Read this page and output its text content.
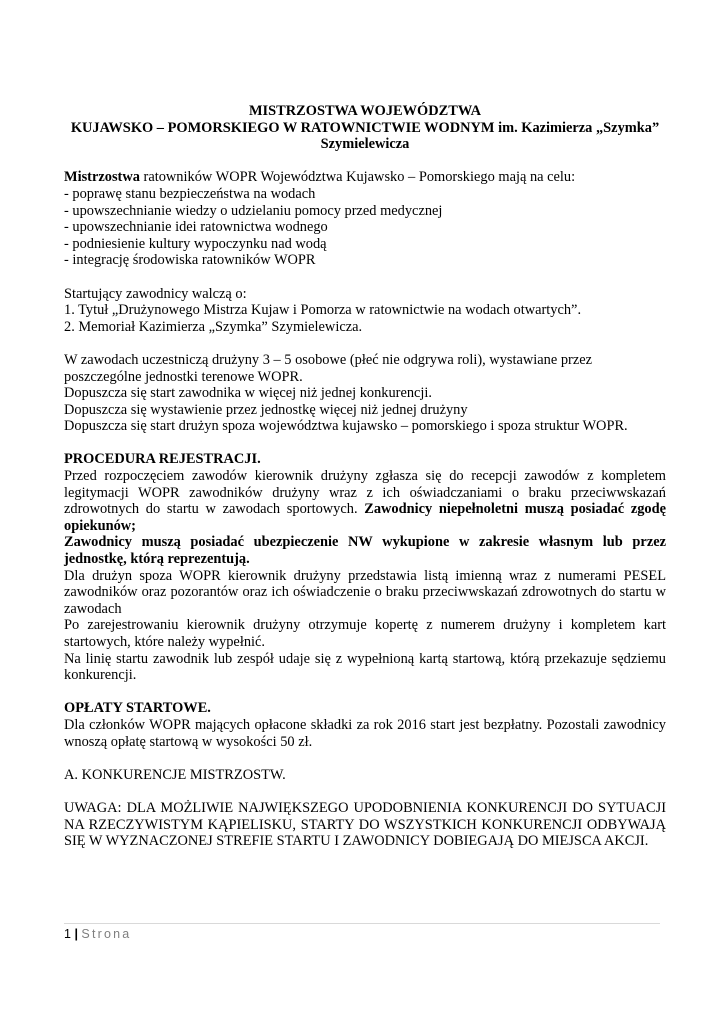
MISTRZOSTWA WOJEWÓDZTWA
KUJAWSKO – POMORSKIEGO W RATOWNICTWIE WODNYM im. Kazimierza „Szymka”
Szymielewicza
Mistrzostwa ratowników WOPR Województwa Kujawsko – Pomorskiego mają na celu:
- poprawę stanu bezpieczeństwa na wodach
- upowszechnianie wiedzy o udzielaniu pomocy przed medycznej
- upowszechnianie idei ratownictwa wodnego
- podniesienie kultury wypoczynku nad wodą
- integrację środowiska ratowników WOPR
Startujący zawodnicy walczą o:
1. Tytuł „Drużynowego Mistrza Kujaw i Pomorza w ratownictwie na wodach otwartych”.
2. Memoriał Kazimierza „Szymka” Szymielewicza.
W zawodach uczestniczą drużyny 3 – 5 osobowe (płeć nie odgrywa roli), wystawiane przez poszczególne jednostki terenowe WOPR.
Dopuszcza się start zawodnika w więcej niż jednej konkurencji.
Dopuszcza się wystawienie przez jednostkę więcej niż jednej drużyny
Dopuszcza się start drużyn spoza województwa kujawsko – pomorskiego i spoza struktur WOPR.
PROCEDURA REJESTRACJI.
Przed rozpoczęciem zawodów kierownik drużyny zgłasza się do recepcji zawodów z kompletem legitymacji WOPR zawodników drużyny wraz z ich oświadczaniami o braku przeciwwskazań zdrowotnych do startu w zawodach sportowych. Zawodnicy niepełnoletni muszą posiadać zgodę opiekunów;
Zawodnicy muszą posiadać ubezpieczenie NW wykupione w zakresie własnym lub przez jednostkę, którą reprezentują.
Dla drużyn spoza WOPR kierownik drużyny przedstawia listą imienną wraz z numerami PESEL zawodników oraz pozorantów oraz ich oświadczenie o braku przeciwwskazań zdrowotnych do startu w zawodach
Po zarejestrowaniu kierownik drużyny otrzymuje kopertę z numerem drużyny i kompletem kart startowych, które należy wypełnić.
Na linię startu zawodnik lub zespół udaje się z wypełnioną kartą startową, którą przekazuje sędziemu konkurencji.
OPŁATY STARTOWE.
Dla członków WOPR mających opłacone składki za rok 2016 start jest bezpłatny. Pozostali zawodnicy wnoszą opłatę startową w wysokości 50 zł.
A. KONKURENCJE MISTRZOSTW.
UWAGA: DLA MOŻLIWIE NAJWIĘKSZEGO UPODOBNIENIA KONKURENCJI DO SYTUACJI NA RZECZYWISTYM KĄPIELISKU, STARTY DO WSZYSTKICH KONKURENCJI ODBYWAJĄ SIĘ W WYZNACZONEJ STREFIE STARTU I ZAWODNICY DOBIEGAJĄ DO MIEJSCA AKCJI.
1 | Strona
